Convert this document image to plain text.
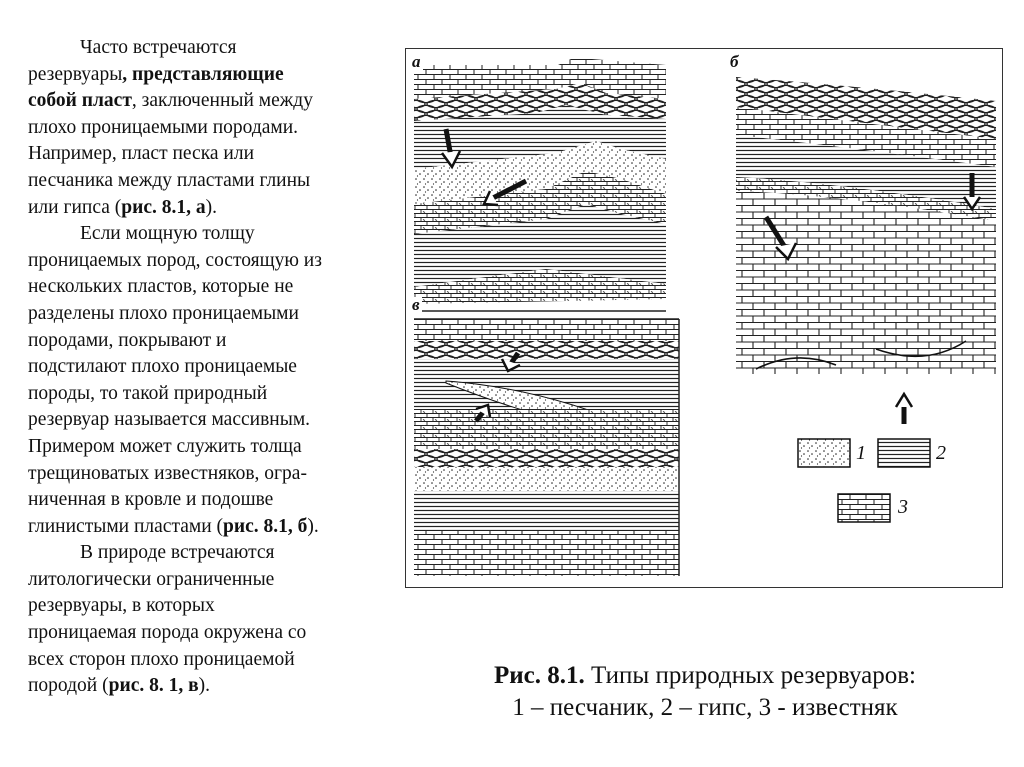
Часто встречаются
резервуары, представляющие
собой пласт, заключенный между
плохо проницаемыми породами.
Например, пласт песка или
песчаника между пластами глины
или гипса (рис. 8.1, а).

Если мощную толщу
проницаемых пород, состоящую из
нескольких пластов, которые не
разделены плохо проницаемыми
породами, покрывают и
подстилают плохо проницаемые
породы, то такой природный
резервуар называется массивным.
Примером может служить толща
трещиноватых известняков, огра-
ниченная в кровле и подошве
глинистыми пластами (рис. 8.1, б).

В природе встречаются
литологически ограниченные
резервуары, в которых
проницаемая порода окружена со
всех сторон плохо проницаемой
породой (рис. 8. 1, в).

а	б
в
1	2
3
Рис. 8.1. Типы природных резервуаров:
1 – песчаник, 2 – гипс, 3 - известняк
